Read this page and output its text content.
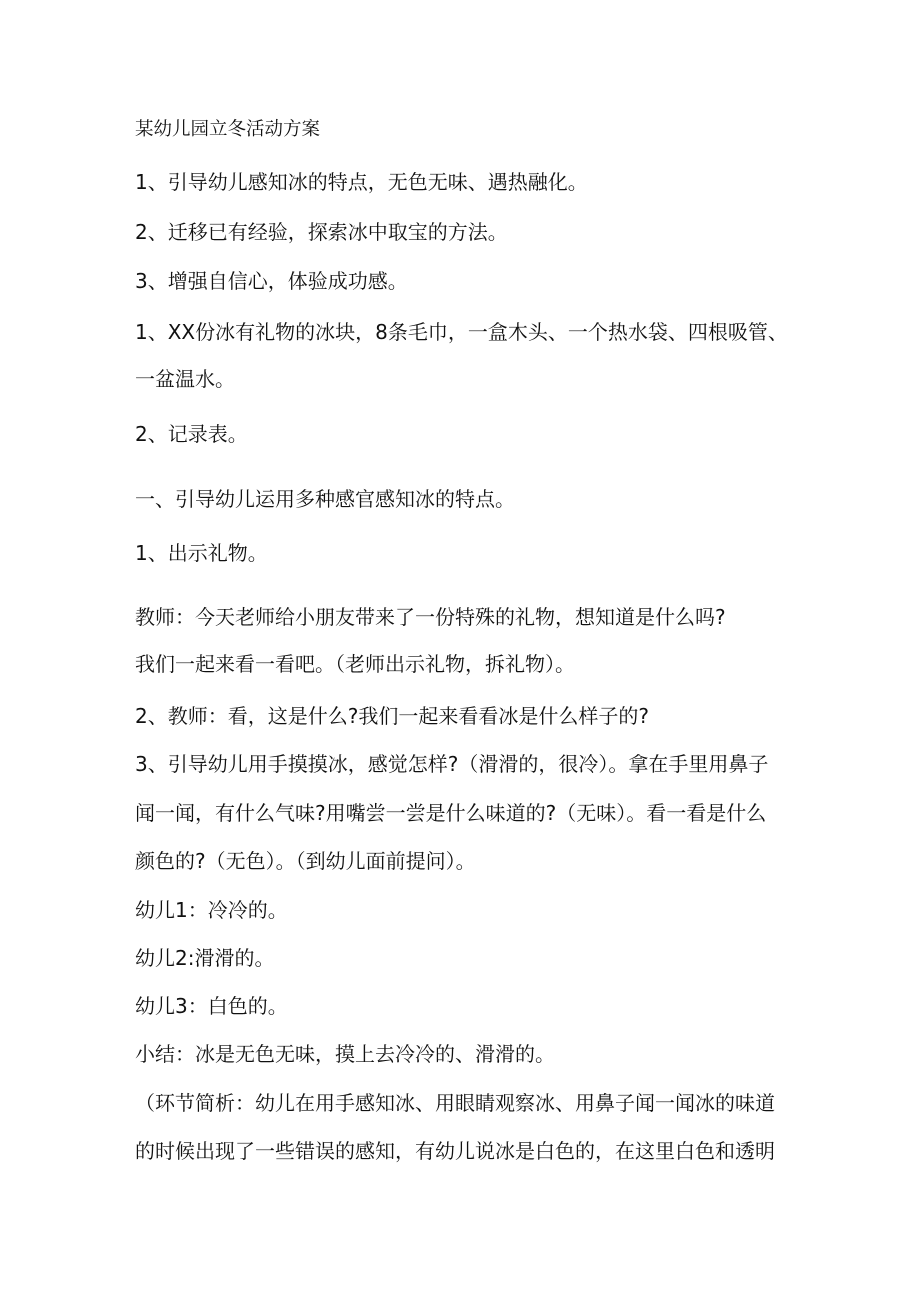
某幼儿园立冬活动方案

1、引导幼儿感知冰的特点，无色无味、遇热融化。

2、迁移已有经验，探索冰中取宝的方法。

3、增强自信心，体验成功感。

1、XX份冰有礼物的冰块，8条毛巾，一盒木头、一个热水袋、四根吸管、

一盆温水。

2、记录表。

一、引导幼儿运用多种感官感知冰的特点。

1、出示礼物。

教师：今天老师给小朋友带来了一份特殊的礼物，想知道是什么吗?

我们一起来看一看吧。（老师出示礼物，拆礼物）。

2、教师：看，这是什么?我们一起来看看冰是什么样子的?

3、引导幼儿用手摸摸冰，感觉怎样?（滑滑的，很冷）。拿在手里用鼻子

闻一闻，有什么气味?用嘴尝一尝是什么味道的?（无味）。看一看是什么

颜色的?（无色）。（到幼儿面前提问）。

幼儿1：冷冷的。

幼儿2:滑滑的。

幼儿3：白色的。

小结：冰是无色无味，摸上去冷冷的、滑滑的。

（环节简析：幼儿在用手感知冰、用眼睛观察冰、用鼻子闻一闻冰的味道

的时候出现了一些错误的感知，有幼儿说冰是白色的，在这里白色和透明
